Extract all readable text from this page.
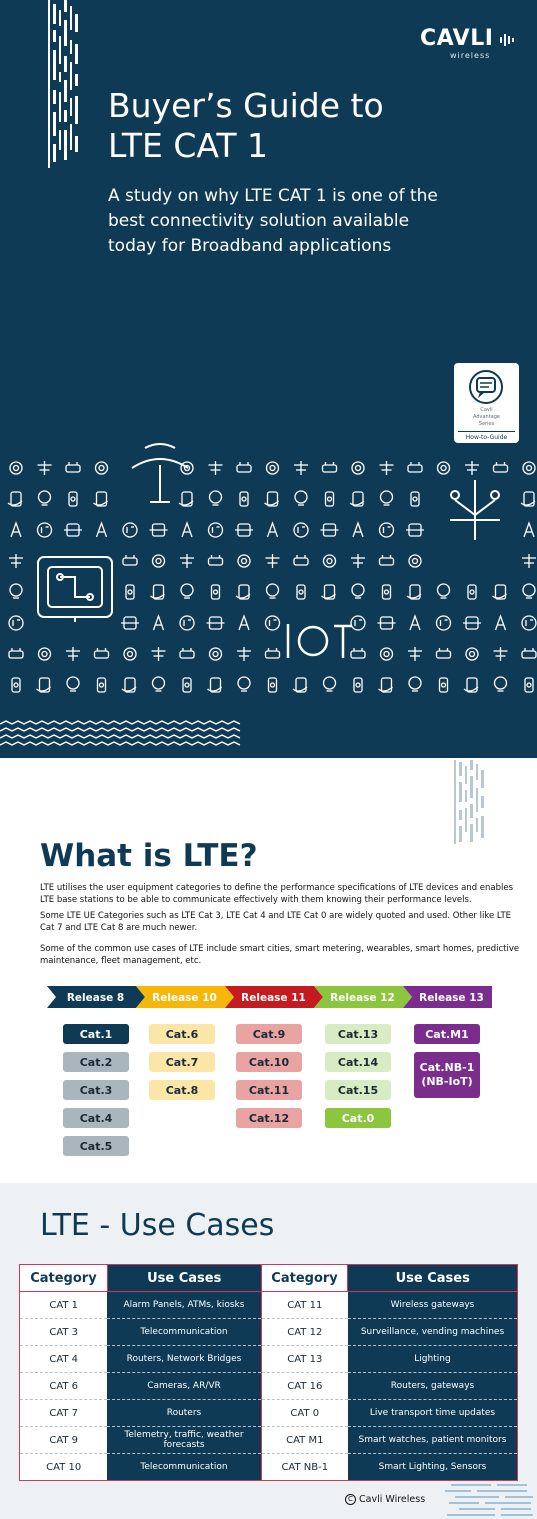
CAVLI
wireless
Buyer’s Guide to
LTE CAT 1
A study on why LTE CAT 1 is one of the
best connectivity solution available
today for Broadband applications
Cavli
Advantage
Series
How-to-Guide
What is LTE?
LTE utilises the user equipment categories to define the performance specifications of LTE devices and enables LTE base stations to be able to communicate effectively with them knowing their performance levels.
Some LTE UE Categories such as LTE Cat 3, LTE Cat 4 and LTE Cat 0 are widely quoted and used. Other like LTE Cat 7 and LTE Cat 8 are much newer.
Some of the common use cases of LTE include smart cities, smart metering, wearables, smart homes, predictive maintenance, fleet management, etc.
Release 8	Release 10 Release 11 Release 12 Release 13
Cat.1
Cat.2
Cat.3
Cat.4
Cat.5
Cat.6
Cat.7
Cat.8
Cat.9
Cat.10
Cat.11
Cat.12
Cat.13
Cat.14
Cat.15
Cat.0
Cat.M1
Cat.NB-1
(NB-IoT)
LTE - Use Cases
Category	Use Cases	Category	Use Cases
CAT 1	Alarm Panels, ATMs, kiosks	CAT 11	Wireless gateways
CAT 3	Telecommunication	CAT 12	Surveillance, vending machines
CAT 4	Routers, Network Bridges	CAT 13	Lighting
CAT 6	Cameras, AR/VR	CAT 16	Routers, gateways
CAT 7	Routers	CAT 0	Live transport time updates
CAT 9	Telemetry, traffic, weather forecasts	CAT M1	Smart watches, patient monitors
CAT 10	Telecommunication	CAT NB-1	Smart Lighting, Sensors
C Cavli Wireless
